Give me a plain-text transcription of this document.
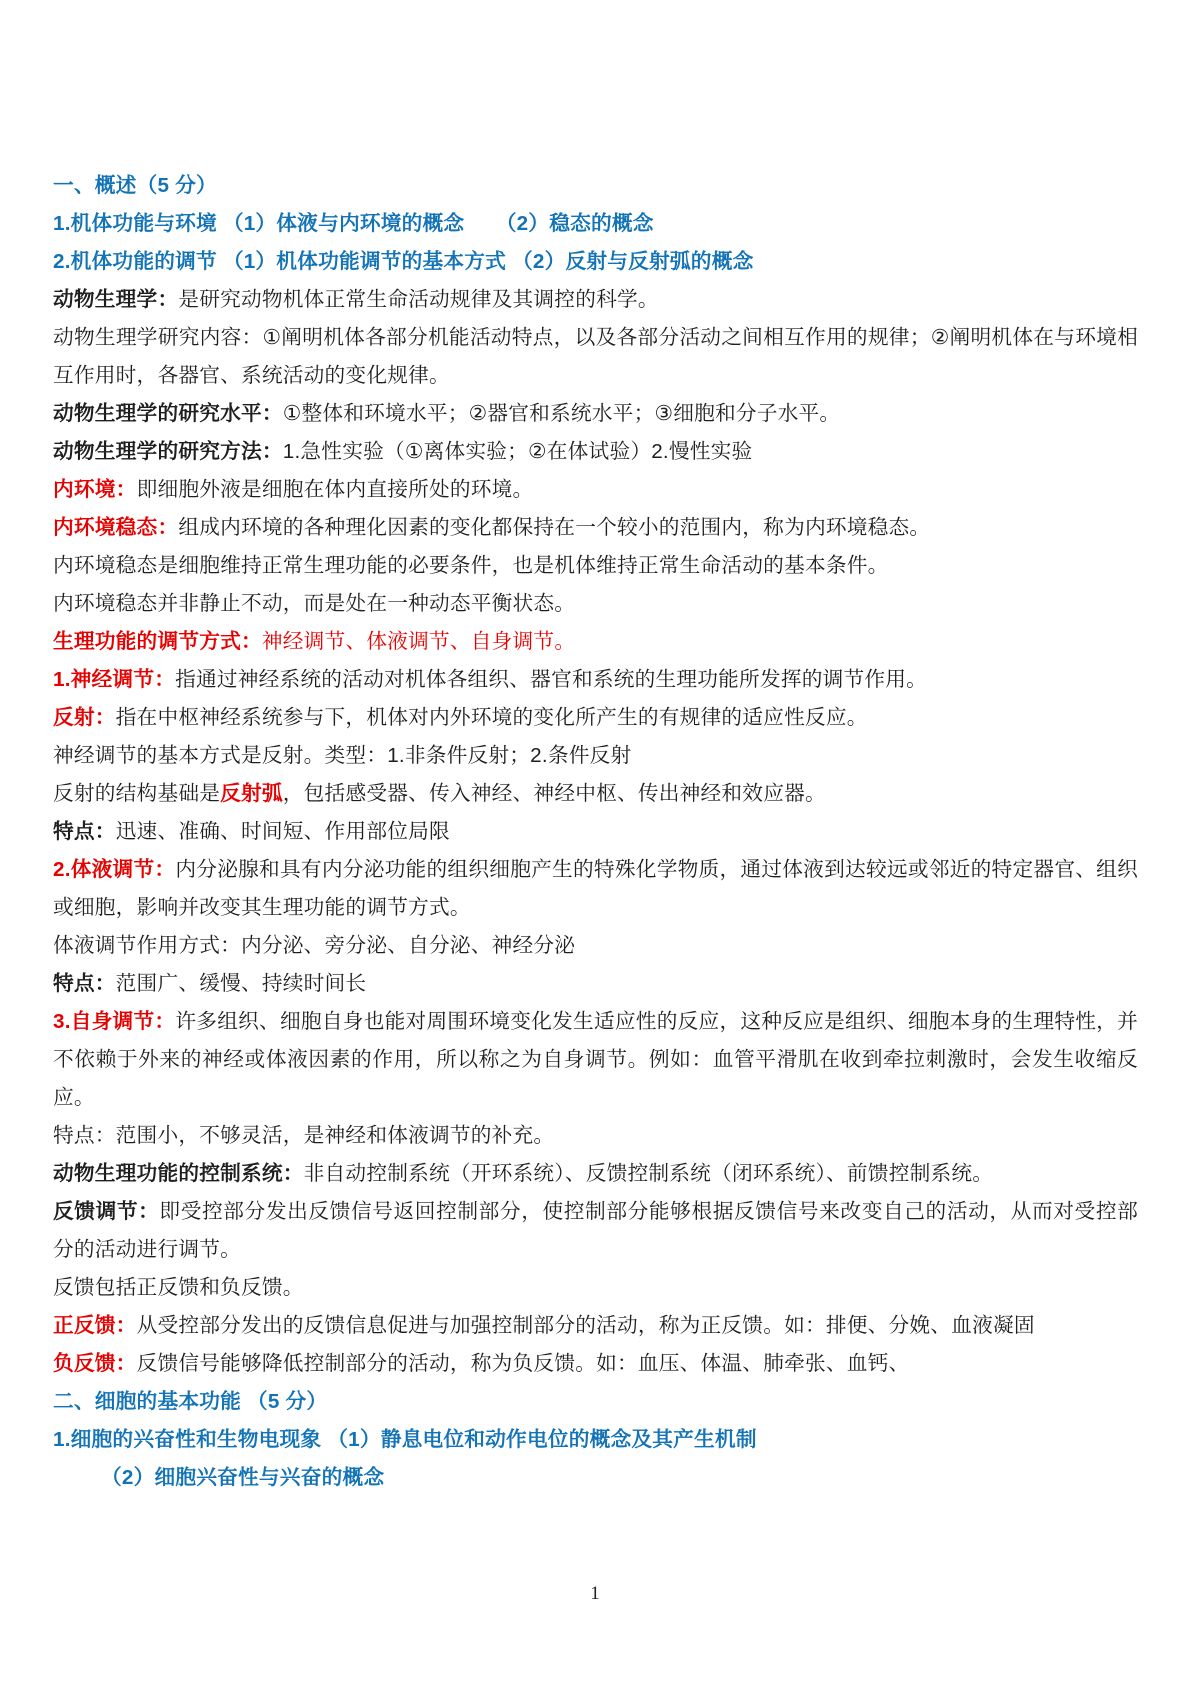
一、概述（5 分）
1.机体功能与环境 （1）体液与内环境的概念　　（2）稳态的概念
2.机体功能的调节 （1）机体功能调节的基本方式 （2）反射与反射弧的概念
动物生理学：是研究动物机体正常生命活动规律及其调控的科学。
动物生理学研究内容：①阐明机体各部分机能活动特点，以及各部分活动之间相互作用的规律；②阐明机体在与环境相互作用时，各器官、系统活动的变化规律。
动物生理学的研究水平：①整体和环境水平；②器官和系统水平；③细胞和分子水平。
动物生理学的研究方法：1.急性实验（①离体实验；②在体试验）2.慢性实验
内环境：即细胞外液是细胞在体内直接所处的环境。
内环境稳态：组成内环境的各种理化因素的变化都保持在一个较小的范围内，称为内环境稳态。
内环境稳态是细胞维持正常生理功能的必要条件，也是机体维持正常生命活动的基本条件。
内环境稳态并非静止不动，而是处在一种动态平衡状态。
生理功能的调节方式：神经调节、体液调节、自身调节。
1.神经调节：指通过神经系统的活动对机体各组织、器官和系统的生理功能所发挥的调节作用。
反射：指在中枢神经系统参与下，机体对内外环境的变化所产生的有规律的适应性反应。
神经调节的基本方式是反射。类型：1.非条件反射；2.条件反射
反射的结构基础是反射弧，包括感受器、传入神经、神经中枢、传出神经和效应器。
特点：迅速、准确、时间短、作用部位局限
2.体液调节：内分泌腺和具有内分泌功能的组织细胞产生的特殊化学物质，通过体液到达较远或邻近的特定器官、组织或细胞，影响并改变其生理功能的调节方式。
体液调节作用方式：内分泌、旁分泌、自分泌、神经分泌
特点：范围广、缓慢、持续时间长
3.自身调节：许多组织、细胞自身也能对周围环境变化发生适应性的反应，这种反应是组织、细胞本身的生理特性，并不依赖于外来的神经或体液因素的作用，所以称之为自身调节。例如：血管平滑肌在收到牵拉刺激时，会发生收缩反应。
特点：范围小，不够灵活，是神经和体液调节的补充。
动物生理功能的控制系统：非自动控制系统（开环系统）、反馈控制系统（闭环系统）、前馈控制系统。
反馈调节：即受控部分发出反馈信号返回控制部分，使控制部分能够根据反馈信号来改变自己的活动，从而对受控部分的活动进行调节。
反馈包括正反馈和负反馈。
正反馈：从受控部分发出的反馈信息促进与加强控制部分的活动，称为正反馈。如：排便、分娩、血液凝固
负反馈：反馈信号能够降低控制部分的活动，称为负反馈。如：血压、体温、肺牵张、血钙、
二、细胞的基本功能 （5 分）
1.细胞的兴奋性和生物电现象 （1）静息电位和动作电位的概念及其产生机制
（2）细胞兴奋性与兴奋的概念
1
